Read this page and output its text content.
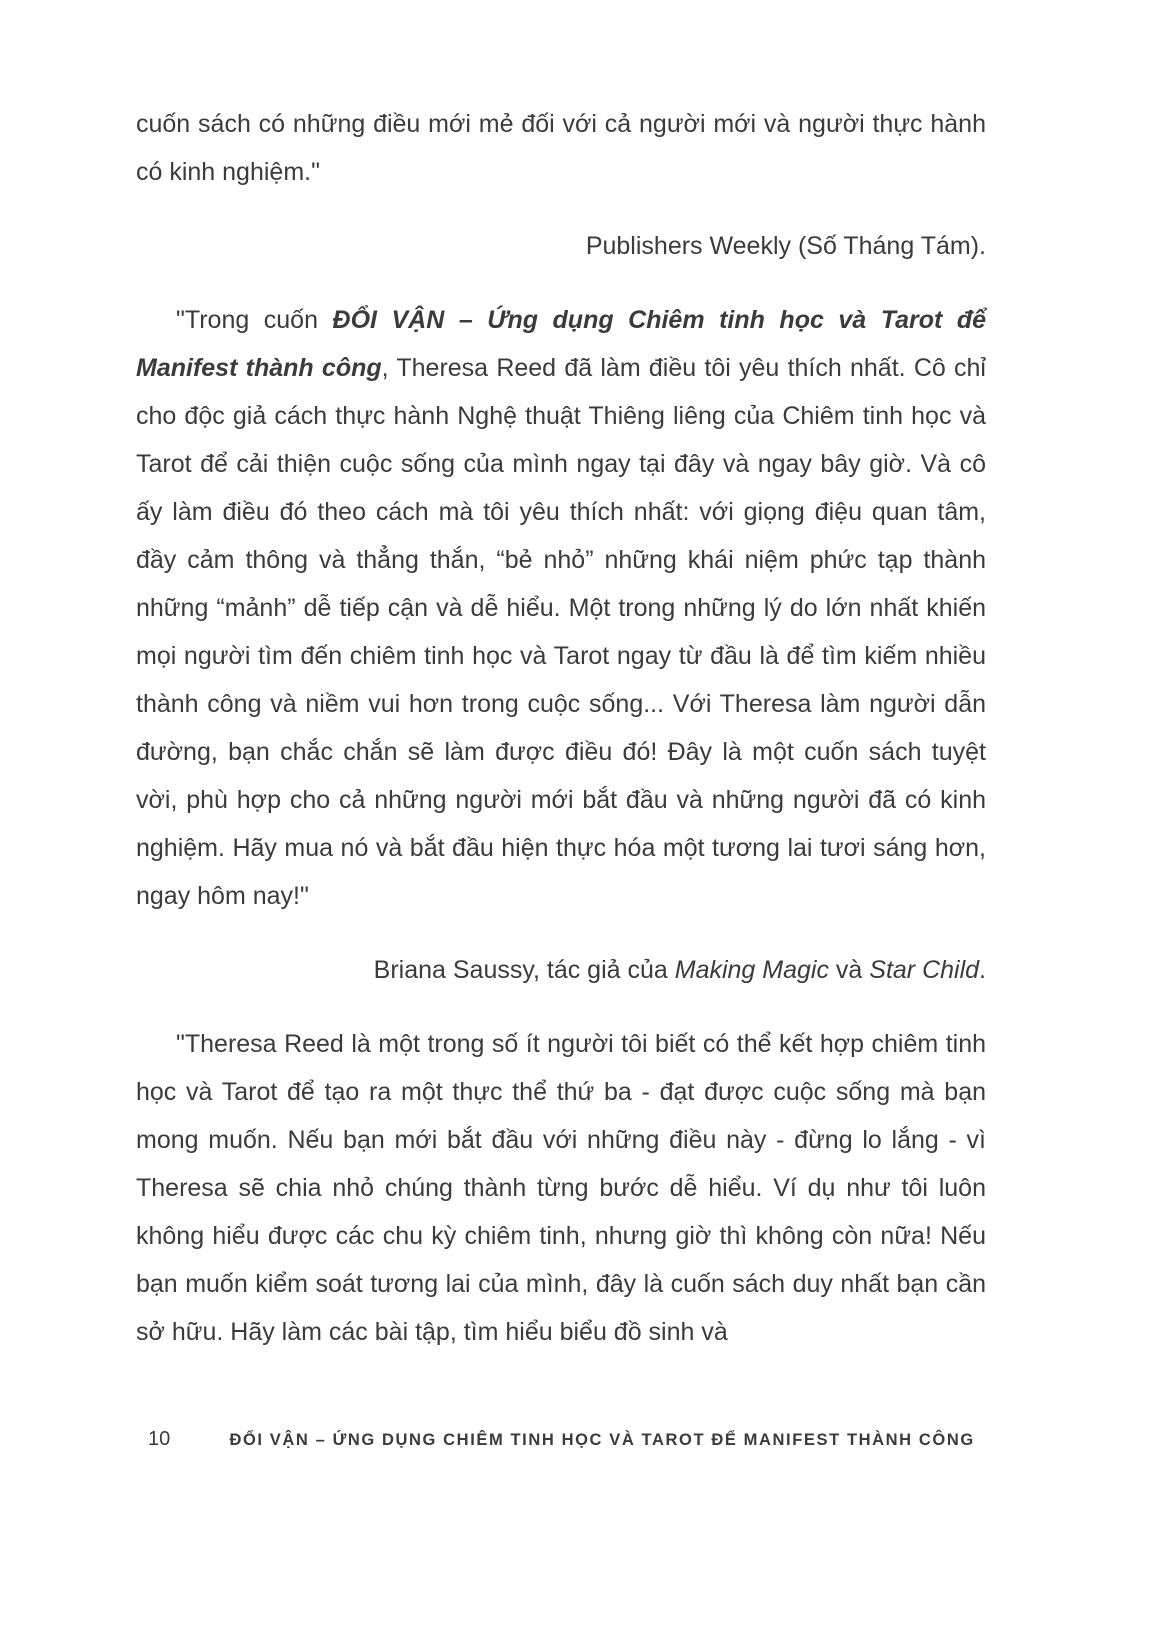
cuốn sách có những điều mới mẻ đối với cả người mới và người thực hành có kinh nghiệm."

Publishers Weekly (Số Tháng Tám).

"Trong cuốn ĐỔI VẬN – Ứng dụng Chiêm tinh học và Tarot để Manifest thành công, Theresa Reed đã làm điều tôi yêu thích nhất. Cô chỉ cho độc giả cách thực hành Nghệ thuật Thiêng liêng của Chiêm tinh học và Tarot để cải thiện cuộc sống của mình ngay tại đây và ngay bây giờ. Và cô ấy làm điều đó theo cách mà tôi yêu thích nhất: với giọng điệu quan tâm, đầy cảm thông và thẳng thắn, “bẻ nhỏ” những khái niệm phức tạp thành những “mảnh” dễ tiếp cận và dễ hiểu. Một trong những lý do lớn nhất khiến mọi người tìm đến chiêm tinh học và Tarot ngay từ đầu là để tìm kiếm nhiều thành công và niềm vui hơn trong cuộc sống... Với Theresa làm người dẫn đường, bạn chắc chắn sẽ làm được điều đó! Đây là một cuốn sách tuyệt vời, phù hợp cho cả những người mới bắt đầu và những người đã có kinh nghiệm. Hãy mua nó và bắt đầu hiện thực hóa một tương lai tươi sáng hơn, ngay hôm nay!"

Briana Saussy, tác giả của Making Magic và Star Child.

"Theresa Reed là một trong số ít người tôi biết có thể kết hợp chiêm tinh học và Tarot để tạo ra một thực thể thứ ba - đạt được cuộc sống mà bạn mong muốn. Nếu bạn mới bắt đầu với những điều này - đừng lo lắng - vì Theresa sẽ chia nhỏ chúng thành từng bước dễ hiểu. Ví dụ như tôi luôn không hiểu được các chu kỳ chiêm tinh, nhưng giờ thì không còn nữa! Nếu bạn muốn kiểm soát tương lai của mình, đây là cuốn sách duy nhất bạn cần sở hữu. Hãy làm các bài tập, tìm hiểu biểu đồ sinh và

10	ĐỔI VẬN – ỨNG DỤNG CHIÊM TINH HỌC VÀ TAROT ĐỂ MANIFEST THÀNH CÔNG
